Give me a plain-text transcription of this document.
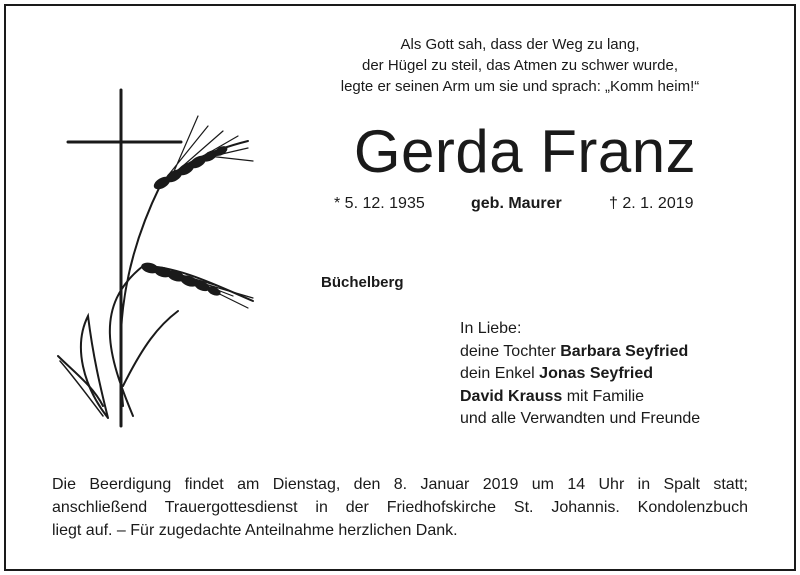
Als Gott sah, dass der Weg zu lang,
der Hügel zu steil, das Atmen zu schwer wurde,
legte er seinen Arm um sie und sprach: „Komm heim!“
Gerda Franz
* 5. 12. 1935	geb. Maurer	† 2. 1. 2019
Büchelberg
In Liebe:
deine Tochter Barbara Seyfried
dein Enkel Jonas Seyfried
David Krauss mit Familie
und alle Verwandten und Freunde
Die Beerdigung findet am Dienstag, den 8. Januar 2019 um 14 Uhr in Spalt statt;
anschließend Trauergottesdienst in der Friedhofskirche St. Johannis. Kondolenzbuch
liegt auf. – Für zugedachte Anteilnahme herzlichen Dank.
